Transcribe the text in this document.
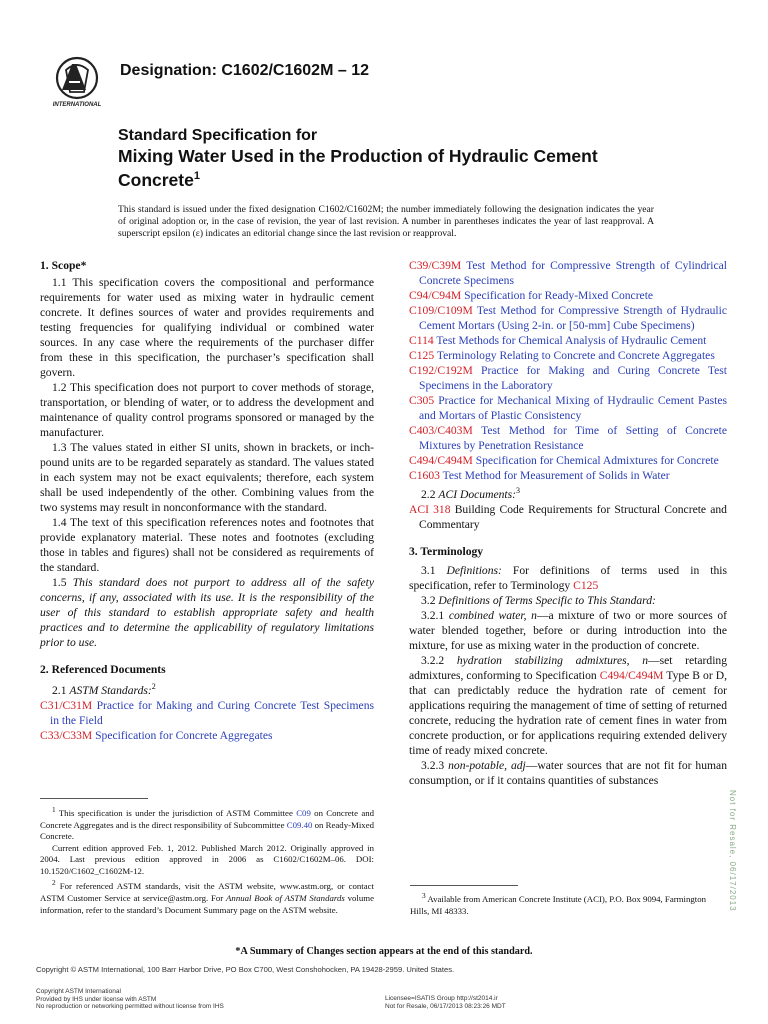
INTERNATIONAL
Designation: C1602/C1602M – 12
Standard Specification for
Mixing Water Used in the Production of Hydraulic Cement
Concrete$^1$
This standard is issued under the fixed designation C1602/C1602M; the number immediately following the designation indicates the year of original adoption or, in the case of revision, the year of last revision. A number in parentheses indicates the year of last reapproval. A superscript epsilon (ε) indicates an editorial change since the last revision or reapproval.
1. Scope*

1.1 This specification covers the compositional and performance requirements for water used as mixing water in hydraulic cement concrete. It defines sources of water and provides requirements and testing frequencies for qualifying individual or combined water sources. In any case where the requirements of the purchaser differ from these in this specification, the purchaser’s specification shall govern.

1.2 This specification does not purport to cover methods of storage, transportation, or blending of water, or to address the development and maintenance of quality control programs sponsored or managed by the manufacturer.

1.3 The values stated in either SI units, shown in brackets, or inch-pound units are to be regarded separately as standard. The values stated in each system may not be exact equivalents; therefore, each system shall be used independently of the other. Combining values from the two systems may result in nonconformance with the standard.

1.4 The text of this specification references notes and footnotes that provide explanatory material. These notes and footnotes (excluding those in tables and figures) shall not be considered as requirements of the standard.

1.5 This standard does not purport to address all of the safety concerns, if any, associated with its use. It is the responsibility of the user of this standard to establish appropriate safety and health practices and to determine the applicability of regulatory limitations prior to use.

2. Referenced Documents

2.1 ASTM Standards:$^2$

C31/C31M Practice for Making and Curing Concrete Test Specimens in the Field
C33/C33M Specification for Concrete Aggregates
C39/C39M Test Method for Compressive Strength of Cylindrical Concrete Specimens
C94/C94M Specification for Ready-Mixed Concrete
C109/C109M Test Method for Compressive Strength of Hydraulic Cement Mortars (Using 2-in. or [50-mm] Cube Specimens)
C114 Test Methods for Chemical Analysis of Hydraulic Cement
C125 Terminology Relating to Concrete and Concrete Aggregates
C192/C192M Practice for Making and Curing Concrete Test Specimens in the Laboratory
C305 Practice for Mechanical Mixing of Hydraulic Cement Pastes and Mortars of Plastic Consistency
C403/C403M Test Method for Time of Setting of Concrete Mixtures by Penetration Resistance
C494/C494M Specification for Chemical Admixtures for Concrete
C1603 Test Method for Measurement of Solids in Water

2.2 ACI Documents:$^3$

ACI 318 Building Code Requirements for Structural Concrete and Commentary
3. Terminology

3.1 Definitions: For definitions of terms used in this specification, refer to Terminology C125

3.2 Definitions of Terms Specific to This Standard:

3.2.1 combined water, n—a mixture of two or more sources of water blended together, before or during introduction into the mixture, for use as mixing water in the production of concrete.

3.2.2 hydration stabilizing admixtures, n—set retarding admixtures, conforming to Specification C494/C494M Type B or D, that can predictably reduce the hydration rate of cement for applications requiring the management of time of setting of returned concrete, reducing the hydration rate of cement fines in water from concrete production, or for applications requiring extended delivery time of ready mixed concrete.

3.2.3 non-potable, adj—water sources that are not fit for human consumption, or if it contains quantities of substances

$^1$ This specification is under the jurisdiction of ASTM Committee C09 on Concrete and Concrete Aggregates and is the direct responsibility of Subcommittee C09.40 on Ready-Mixed Concrete.

Current edition approved Feb. 1, 2012. Published March 2012. Originally approved in 2004. Last previous edition approved in 2006 as C1602/C1602M–06. DOI: 10.1520/C1602_C1602M-12.

$^2$ For referenced ASTM standards, visit the ASTM website, www.astm.org, or contact ASTM Customer Service at service@astm.org. For Annual Book of ASTM Standards volume information, refer to the standard’s Document Summary page on the ASTM website.

$^3$ Available from American Concrete Institute (ACI), P.O. Box 9094, Farmington Hills, MI 48333.	Not for Resale, 06/17/2013
*A Summary of Changes section appears at the end of this standard.
Copyright © ASTM International, 100 Barr Harbor Drive, PO Box C700, West Conshohocken, PA 19428-2959. United States.
Copyright ASTM International
Provided by IHS under license with ASTM
No reproduction or networking permitted without license from IHS
Licensee=ISATIS Group http://st2014.ir
Not for Resale, 06/17/2013 08:23:26 MDT
